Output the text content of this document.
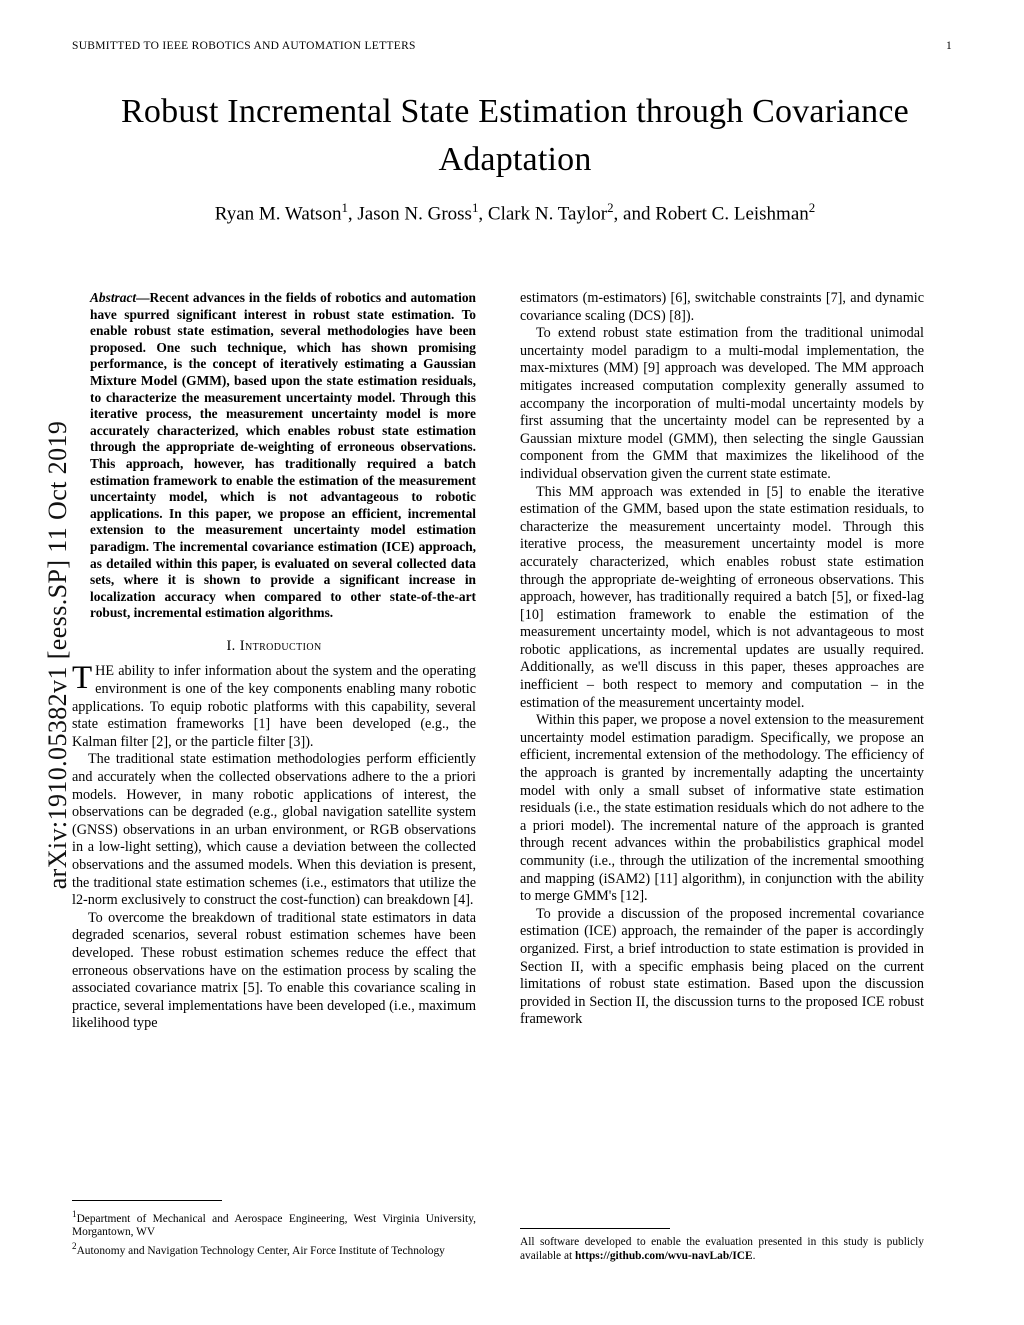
arXiv:1910.05382v1 [eess.SP] 11 Oct 2019
SUBMITTED TO IEEE ROBOTICS AND AUTOMATION LETTERS	1
Robust Incremental State Estimation through Covariance Adaptation
Ryan M. Watson$^1$, Jason N. Gross$^1$, Clark N. Taylor$^2$, and Robert C. Leishman$^2$
Abstract—Recent advances in the fields of robotics and automation have spurred significant interest in robust state estimation. To enable robust state estimation, several methodologies have been proposed. One such technique, which has shown promising performance, is the concept of iteratively estimating a Gaussian Mixture Model (GMM), based upon the state estimation residuals, to characterize the measurement uncertainty model. Through this iterative process, the measurement uncertainty model is more accurately characterized, which enables robust state estimation through the appropriate de-weighting of erroneous observations. This approach, however, has traditionally required a batch estimation framework to enable the estimation of the measurement uncertainty model, which is not advantageous to robotic applications. In this paper, we propose an efficient, incremental extension to the measurement uncertainty model estimation paradigm. The incremental covariance estimation (ICE) approach, as detailed within this paper, is evaluated on several collected data sets, where it is shown to provide a significant increase in localization accuracy when compared to other state-of-the-art robust, incremental estimation algorithms.
I. Introduction

THE ability to infer information about the system and the operating environment is one of the key components enabling many robotic applications. To equip robotic platforms with this capability, several state estimation frameworks [1] have been developed (e.g., the Kalman filter [2], or the particle filter [3]).

The traditional state estimation methodologies perform efficiently and accurately when the collected observations adhere to the a priori models. However, in many robotic applications of interest, the observations can be degraded (e.g., global navigation satellite system (GNSS) observations in an urban environment, or RGB observations in a low-light setting), which cause a deviation between the collected observations and the assumed models. When this deviation is present, the traditional state estimation schemes (i.e., estimators that utilize the l2-norm exclusively to construct the cost-function) can breakdown [4].

To overcome the breakdown of traditional state estimators in data degraded scenarios, several robust estimation schemes have been developed. These robust estimation schemes reduce the effect that erroneous observations have on the estimation process by scaling the associated covariance matrix [5]. To enable this covariance scaling in practice, several implementations have been developed (i.e., maximum likelihood type

estimators (m-estimators) [6], switchable constraints [7], and dynamic covariance scaling (DCS) [8]).

To extend robust state estimation from the traditional unimodal uncertainty model paradigm to a multi-modal implementation, the max-mixtures (MM) [9] approach was developed. The MM approach mitigates increased computation complexity generally assumed to accompany the incorporation of multi-modal uncertainty models by first assuming that the uncertainty model can be represented by a Gaussian mixture model (GMM), then selecting the single Gaussian component from the GMM that maximizes the likelihood of the individual observation given the current state estimate.

This MM approach was extended in [5] to enable the iterative estimation of the GMM, based upon the state estimation residuals, to characterize the measurement uncertainty model. Through this iterative process, the measurement uncertainty model is more accurately characterized, which enables robust state estimation through the appropriate de-weighting of erroneous observations. This approach, however, has traditionally required a batch [5], or fixed-lag [10] estimation framework to enable the estimation of the measurement uncertainty model, which is not advantageous to most robotic applications, as incremental updates are usually required. Additionally, as we'll discuss in this paper, theses approaches are inefficient – both respect to memory and computation – in the estimation of the measurement uncertainty model.

Within this paper, we propose a novel extension to the measurement uncertainty model estimation paradigm. Specifically, we propose an efficient, incremental extension of the methodology. The efficiency of the approach is granted by incrementally adapting the uncertainty model with only a small subset of informative state estimation residuals (i.e., the state estimation residuals which do not adhere to the a priori model). The incremental nature of the approach is granted through recent advances within the probabilistics graphical model community (i.e., through the utilization of the incremental smoothing and mapping (iSAM2) [11] algorithm), in conjunction with the ability to merge GMM's [12].

To provide a discussion of the proposed incremental covariance estimation (ICE) approach, the remainder of the paper is accordingly organized. First, a brief introduction to state estimation is provided in Section II, with a specific emphasis being placed on the current limitations of robust state estimation. Based upon the discussion provided in Section II, the discussion turns to the proposed ICE robust framework

$^1$Department of Mechanical and Aerospace Engineering, West Virginia University, Morgantown, WV
$^2$Autonomy and Navigation Technology Center, Air Force Institute of Technology
All software developed to enable the evaluation presented in this study is publicly available at https://github.com/wvu-navLab/ICE.
